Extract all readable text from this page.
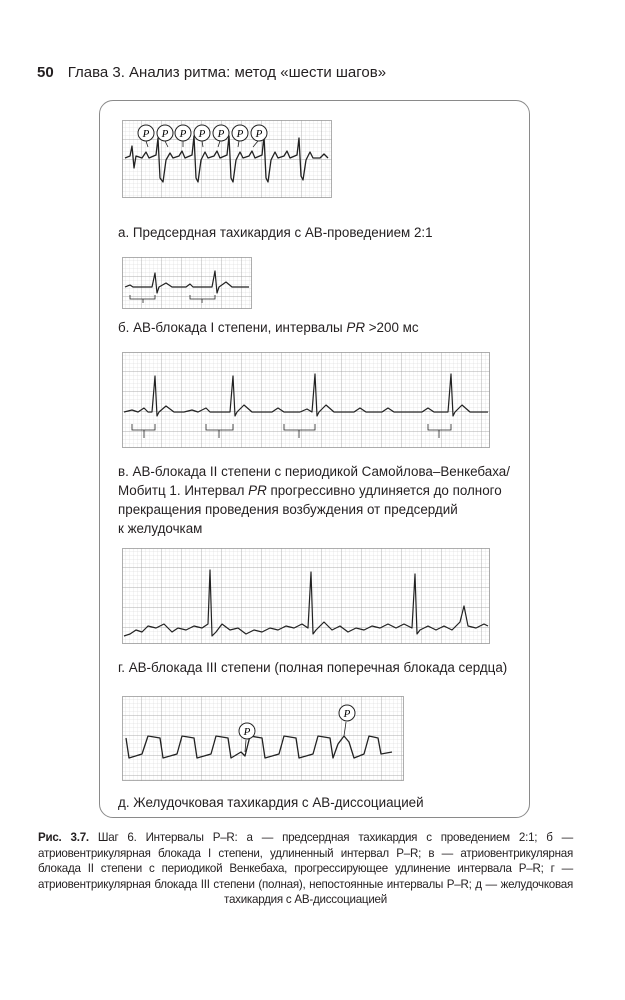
50 Глава 3. Анализ ритма: метод «шести шагов»
P P P P P P P
а. Предсердная тахикардия с АВ-проведением 2:1
б. АВ-блокада I степени, интервалы PR >200 мс
в. АВ-блокада II степени с периодикой Самойлова–Венкебаха/
Мобитц 1. Интервал PR прогрессивно удлиняется до полного
прекращения проведения возбуждения от предсердий
к желудочкам
г. АВ-блокада III степени (полная поперечная блокада сердца)
P
P
д. Желудочковая тахикардия с АВ-диссоциацией
Рис. 3.7. Шаг 6. Интервалы P–R: а — предсердная тахикардия с проведением 2:1; б — атриовентрикулярная блокада I степени, удлиненный интервал P–R; в — атриовентрикулярная блокада II степени с периодикой Венкебаха, прогрессирующее удлинение интервала P–R; г — атриовентрикулярная блокада III степени (полная), непостоянные интервалы P–R; д — желудочковая тахикардия с АВ-диссоциацией
